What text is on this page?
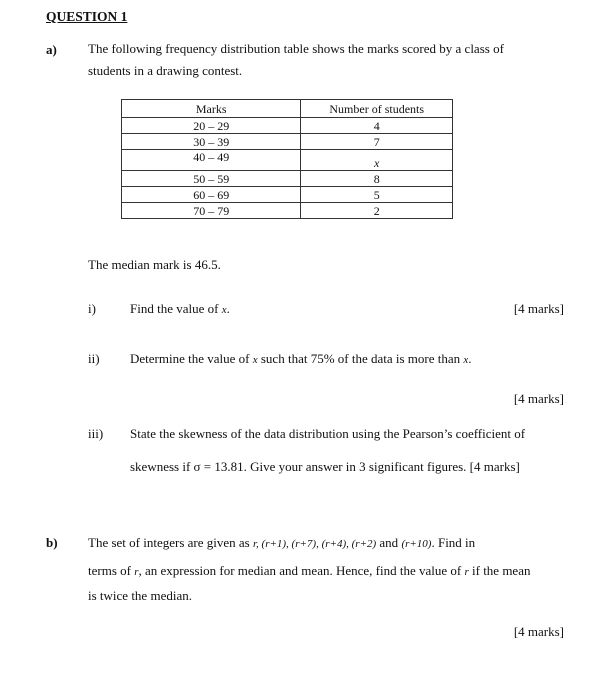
QUESTION 1
a) The following frequency distribution table shows the marks scored by a class of
students in a drawing contest.
Marks	Number of students
20 – 29	4
30 – 39	7
40 – 49	x
50 – 59	8
60 – 69	5
70 – 79	2
The median mark is 46.5.
i)	Find the value of x.	[4 marks]
ii) Determine the value of x such that 75% of the data is more than x.
[4 marks]
iii) State the skewness of the data distribution using the Pearson’s coefficient of
skewness if σ = 13.81. Give your answer in 3 significant figures. [4 marks]
b) The set of integers are given as r, (r+1), (r+7), (r+4), (r+2) and (r+10). Find in
terms of r, an expression for median and mean. Hence, find the value of r if the mean
is twice the median.
[4 marks]
